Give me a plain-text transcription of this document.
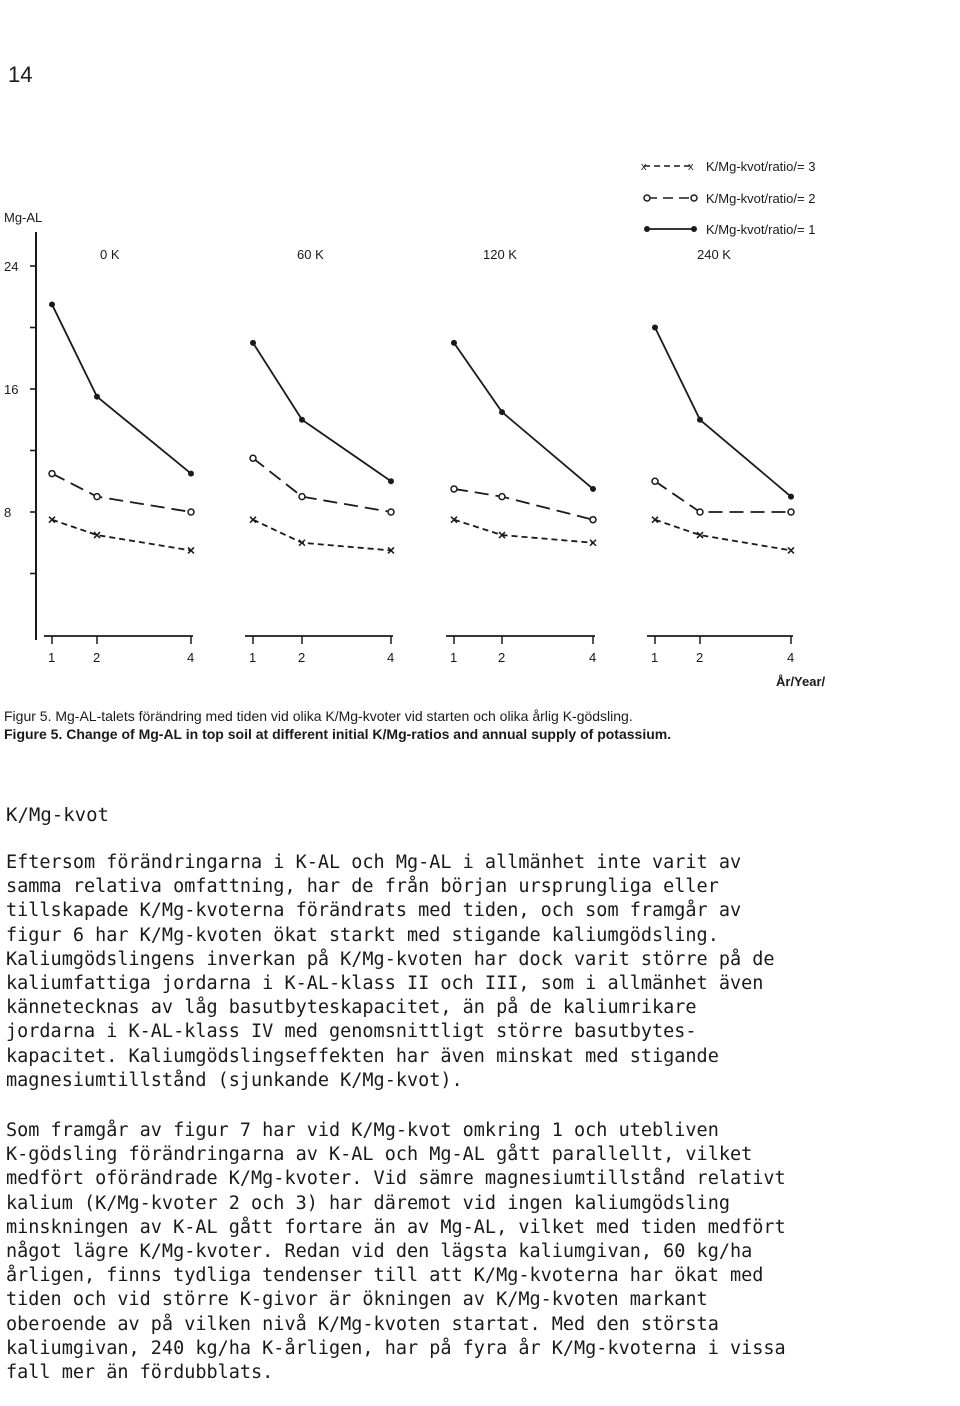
14
Mg-AL
x	x K/Mg-kvot/ratio/= 3
K/Mg-kvot/ratio/= 2
K/Mg-kvot/ratio/= 1
24
16
8
0 K	60 K	120 K	240 K
1	2	4	1	2	4	1	2	4	1	2	4
År/Year/
Figur 5. Mg-AL-talets förändring med tiden vid olika K/Mg-kvoter vid starten och olika årlig K-gödsling.
Figure 5. Change of Mg-AL in top soil at different initial K/Mg-ratios and annual supply of potassium.
K/Mg-kvot
Eftersom förändringarna i K-AL och Mg-AL i allmänhet inte varit av
samma relativa omfattning, har de från början ursprungliga eller
tillskapade K/Mg-kvoterna förändrats med tiden, och som framgår av
figur 6 har K/Mg-kvoten ökat starkt med stigande kaliumgödsling.
Kaliumgödslingens inverkan på K/Mg-kvoten har dock varit större på de
kaliumfattiga jordarna i K-AL-klass II och III, som i allmänhet även
kännetecknas av låg basutbyteskapacitet, än på de kaliumrikare
jordarna i K-AL-klass IV med genomsnittligt större basutbytes-
kapacitet. Kaliumgödslingseffekten har även minskat med stigande
magnesiumtillstånd (sjunkande K/Mg-kvot).
Som framgår av figur 7 har vid K/Mg-kvot omkring 1 och utebliven
K-gödsling förändringarna av K-AL och Mg-AL gått parallellt, vilket
medfört oförändrade K/Mg-kvoter. Vid sämre magnesiumtillstånd relativt
kalium (K/Mg-kvoter 2 och 3) har däremot vid ingen kaliumgödsling
minskningen av K-AL gått fortare än av Mg-AL, vilket med tiden medfört
något lägre K/Mg-kvoter. Redan vid den lägsta kaliumgivan, 60 kg/ha
årligen, finns tydliga tendenser till att K/Mg-kvoterna har ökat med
tiden och vid större K-givor är ökningen av K/Mg-kvoten markant
oberoende av på vilken nivå K/Mg-kvoten startat. Med den största
kaliumgivan, 240 kg/ha K-årligen, har på fyra år K/Mg-kvoterna i vissa
fall mer än fördubblats.
